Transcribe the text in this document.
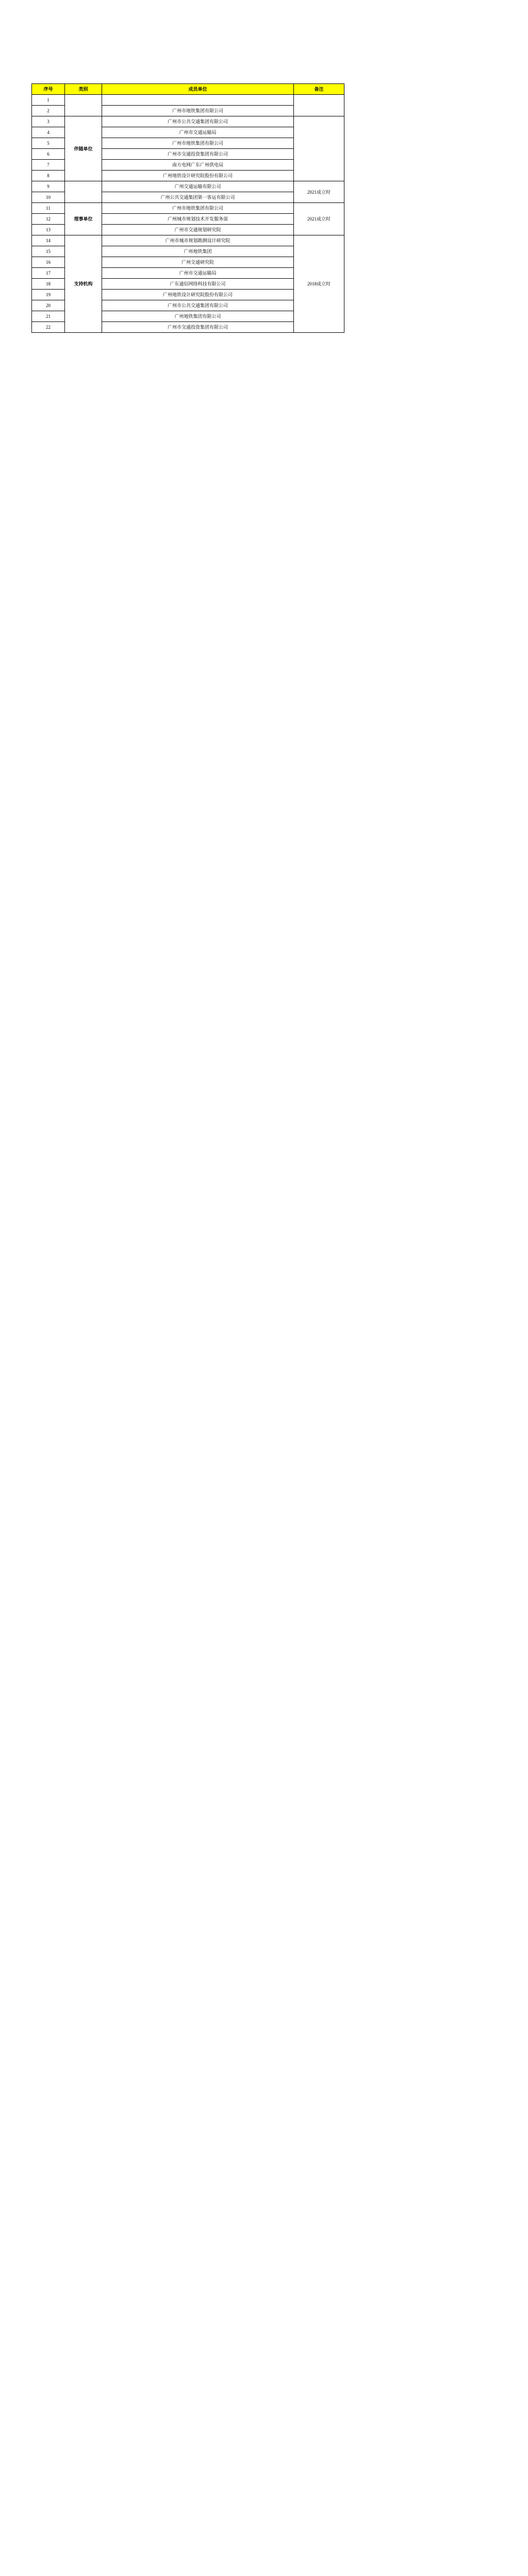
序号	类别	成员单位	备注
1			
2		广州市地铁集团有限公司	
3	伴随单位	广州市公共交通集团有限公司	
4		广州市交通运输局	
5		广州市地铁集团有限公司	
6		广州市交通投资集团有限公司	
7		南方电网广东广州供电局	
8		广州地铁设计研究院股份有限公司	
9		广州交通运输有限公司	2021成立时
10		广州公共交通集团第一客运有限公司	
11	理事单位	广州市地铁集团有限公司	2021成立时
12		广州城市规划技术开发服务部	
13		广州市交通规划研究院	
14	支持机构	广州市城市规划勘测设计研究院	2018成立时
15		广州地铁集团	
16		广州交通研究院	
17		广州市交通运输局	
18		广东通信网络科技有限公司	
19		广州地铁设计研究院股份有限公司	
20		广州市公共交通集团有限公司	
21		广州地铁集团有限公司	
22		广州市交通投资集团有限公司	
